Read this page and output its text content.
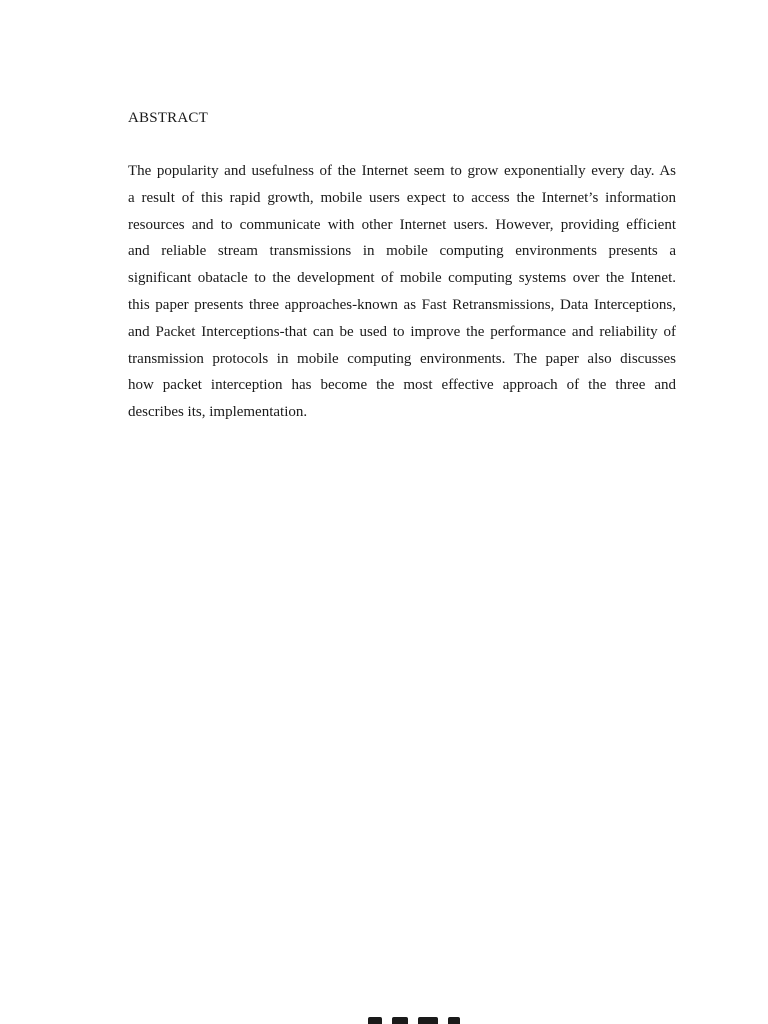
ABSTRACT
The popularity and usefulness of the Internet seem to grow exponentially every day. As
a result of this rapid growth, mobile users expect to access the Internet’s information
resources and to communicate with other Internet users. However, providing efficient
and reliable stream transmissions in mobile computing environments presents a
significant obatacle to the development of mobile computing systems over the Intenet.
this paper presents three approaches-known as Fast Retransmissions, Data Interceptions,
and Packet Interceptions-that can be used to improve the performance and reliability of
transmission protocols in mobile computing environments. The paper also discusses
how packet interception has become the most effective approach of the three and
describes its, implementation.
